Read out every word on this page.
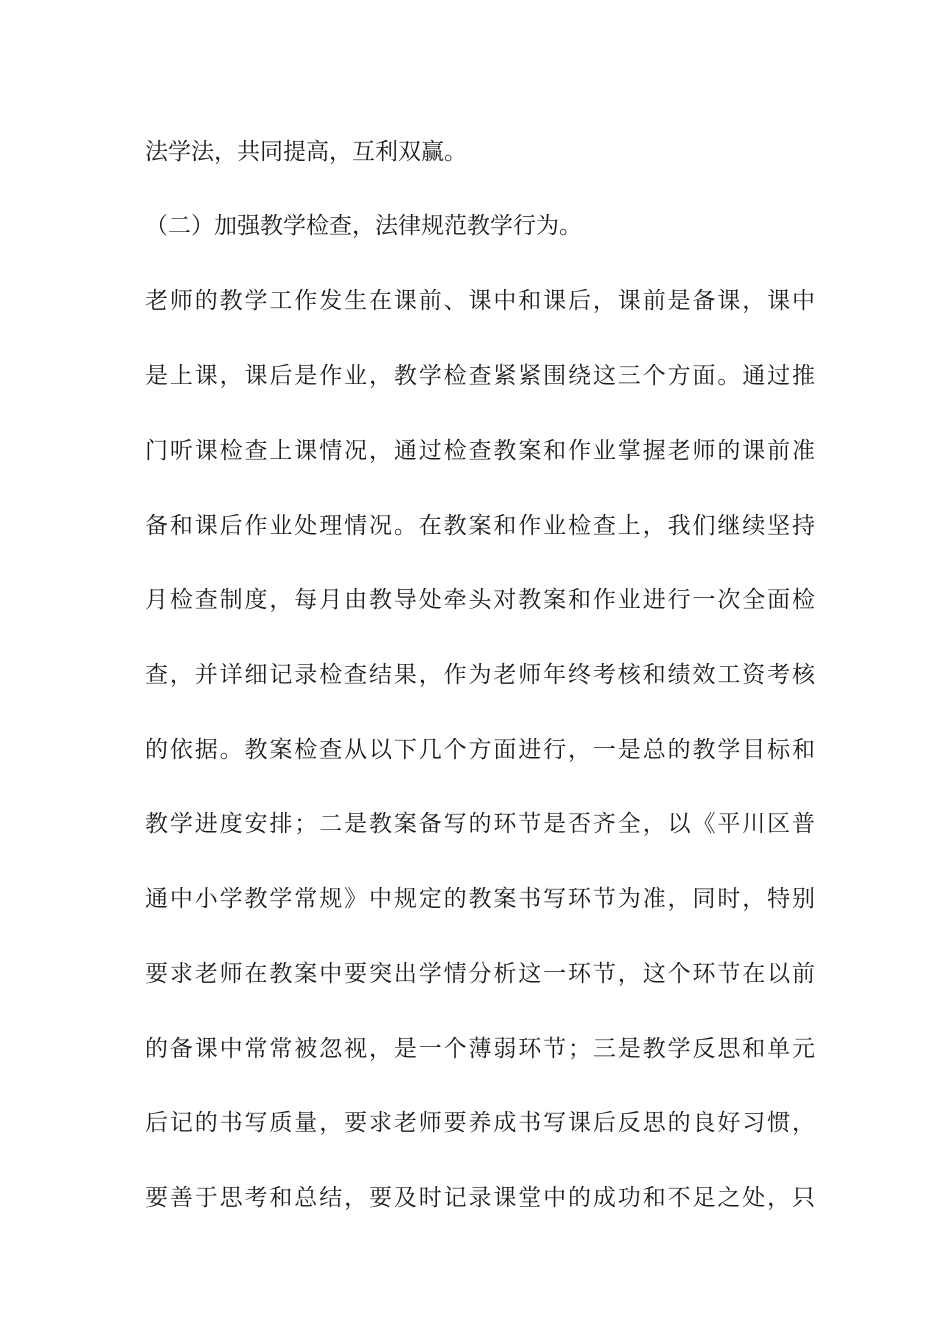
法学法，共同提高，互利双赢。
（二）加强教学检查，法律规范教学行为。
老师的教学工作发生在课前、课中和课后，课前是备课，课中
是上课，课后是作业，教学检查紧紧围绕这三个方面。通过推
门听课检查上课情况，通过检查教案和作业掌握老师的课前准
备和课后作业处理情况。在教案和作业检查上，我们继续坚持
月检查制度，每月由教导处牵头对教案和作业进行一次全面检
查，并详细记录检查结果，作为老师年终考核和绩效工资考核
的依据。教案检查从以下几个方面进行，一是总的教学目标和
教学进度安排；二是教案备写的环节是否齐全，以《平川区普
通中小学教学常规》中规定的教案书写环节为准，同时，特别
要求老师在教案中要突出学情分析这一环节，这个环节在以前
的备课中常常被忽视，是一个薄弱环节；三是教学反思和单元
后记的书写质量，要求老师要养成书写课后反思的良好习惯，
要善于思考和总结，要及时记录课堂中的成功和不足之处，只
